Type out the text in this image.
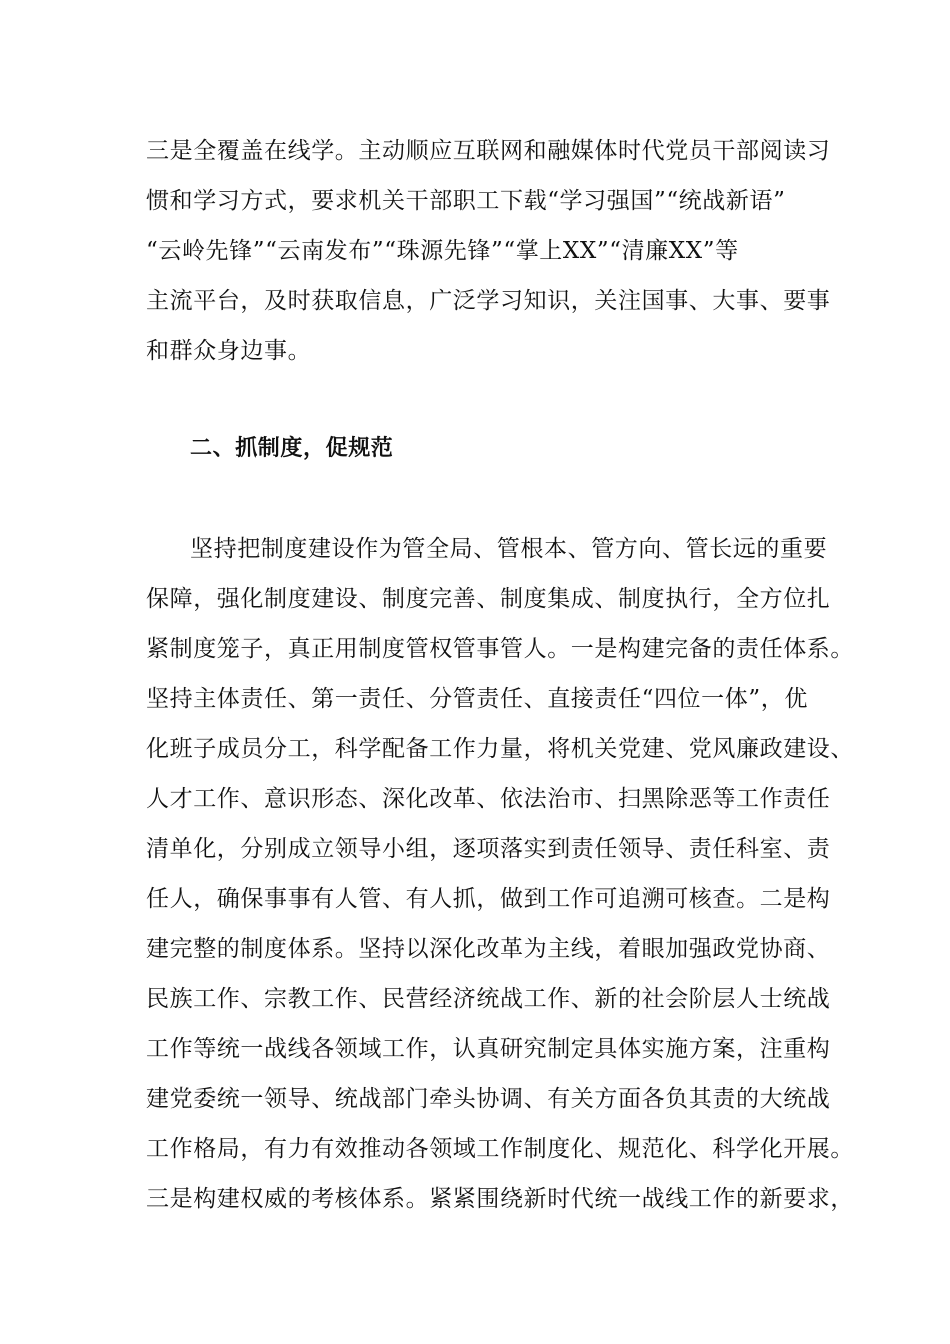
三是全覆盖在线学。主动顺应互联网和融媒体时代党员干部阅读习
惯和学习方式，要求机关干部职工下载“学习强国”“统战新语”
“云岭先锋”“云南发布”“珠源先锋”“掌上XX”“清廉XX”等
主流平台，及时获取信息，广泛学习知识，关注国事、大事、要事
和群众身边事。
二、抓制度，促规范
坚持把制度建设作为管全局、管根本、管方向、管长远的重要
保障，强化制度建设、制度完善、制度集成、制度执行，全方位扎
紧制度笼子，真正用制度管权管事管人。一是构建完备的责任体系。
坚持主体责任、第一责任、分管责任、直接责任“四位一体”，优
化班子成员分工，科学配备工作力量，将机关党建、党风廉政建设、
人才工作、意识形态、深化改革、依法治市、扫黑除恶等工作责任
清单化，分别成立领导小组，逐项落实到责任领导、责任科室、责
任人，确保事事有人管、有人抓，做到工作可追溯可核查。二是构
建完整的制度体系。坚持以深化改革为主线，着眼加强政党协商、
民族工作、宗教工作、民营经济统战工作、新的社会阶层人士统战
工作等统一战线各领域工作，认真研究制定具体实施方案，注重构
建党委统一领导、统战部门牵头协调、有关方面各负其责的大统战
工作格局，有力有效推动各领域工作制度化、规范化、科学化开展。
三是构建权威的考核体系。紧紧围绕新时代统一战线工作的新要求，
